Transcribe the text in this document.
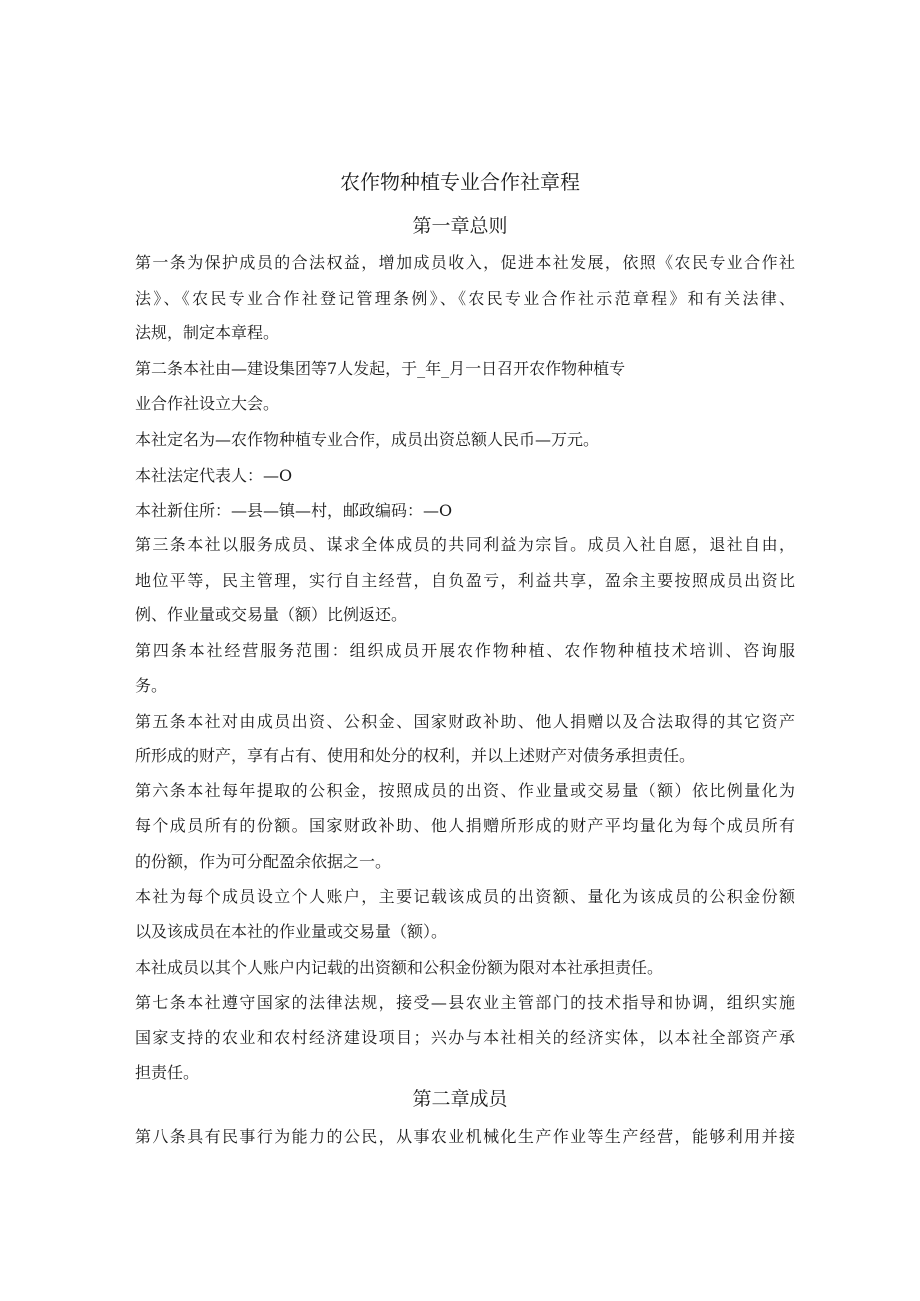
农作物种植专业合作社章程
第一章总则

第一条为保护成员的合法权益，增加成员收入，促进本社发展，依照《农民专业合作社

法》、《农民专业合作社登记管理条例》、《农民专业合作社示范章程》和有关法律、

法规，制定本章程。

第二条本社由—建设集团等7人发起，于_年_月一日召开农作物种植专

业合作社设立大会。

本社定名为—农作物种植专业合作，成员出资总额人民币—万元。

本社法定代表人：—O

本社新住所：—县—镇—村，邮政编码：—O

第三条本社以服务成员、谋求全体成员的共同利益为宗旨。成员入社自愿，退社自由，

地位平等，民主管理，实行自主经营，自负盈亏，利益共享，盈余主要按照成员出资比

例、作业量或交易量（额）比例返还。

第四条本社经营服务范围：组织成员开展农作物种植、农作物种植技术培训、咨询服

务。

第五条本社对由成员出资、公积金、国家财政补助、他人捐赠以及合法取得的其它资产

所形成的财产，享有占有、使用和处分的权利，并以上述财产对债务承担责任。

第六条本社每年提取的公积金，按照成员的出资、作业量或交易量（额）依比例量化为

每个成员所有的份额。国家财政补助、他人捐赠所形成的财产平均量化为每个成员所有

的份额，作为可分配盈余依据之一。

本社为每个成员设立个人账户，主要记载该成员的出资额、量化为该成员的公积金份额

以及该成员在本社的作业量或交易量（额）。

本社成员以其个人账户内记载的出资额和公积金份额为限对本社承担责任。

第七条本社遵守国家的法律法规，接受—县农业主管部门的技术指导和协调，组织实施

国家支持的农业和农村经济建设项目；兴办与本社相关的经济实体，以本社全部资产承

担责任。

第二章成员

第八条具有民事行为能力的公民，从事农业机械化生产作业等生产经营，能够利用并接
